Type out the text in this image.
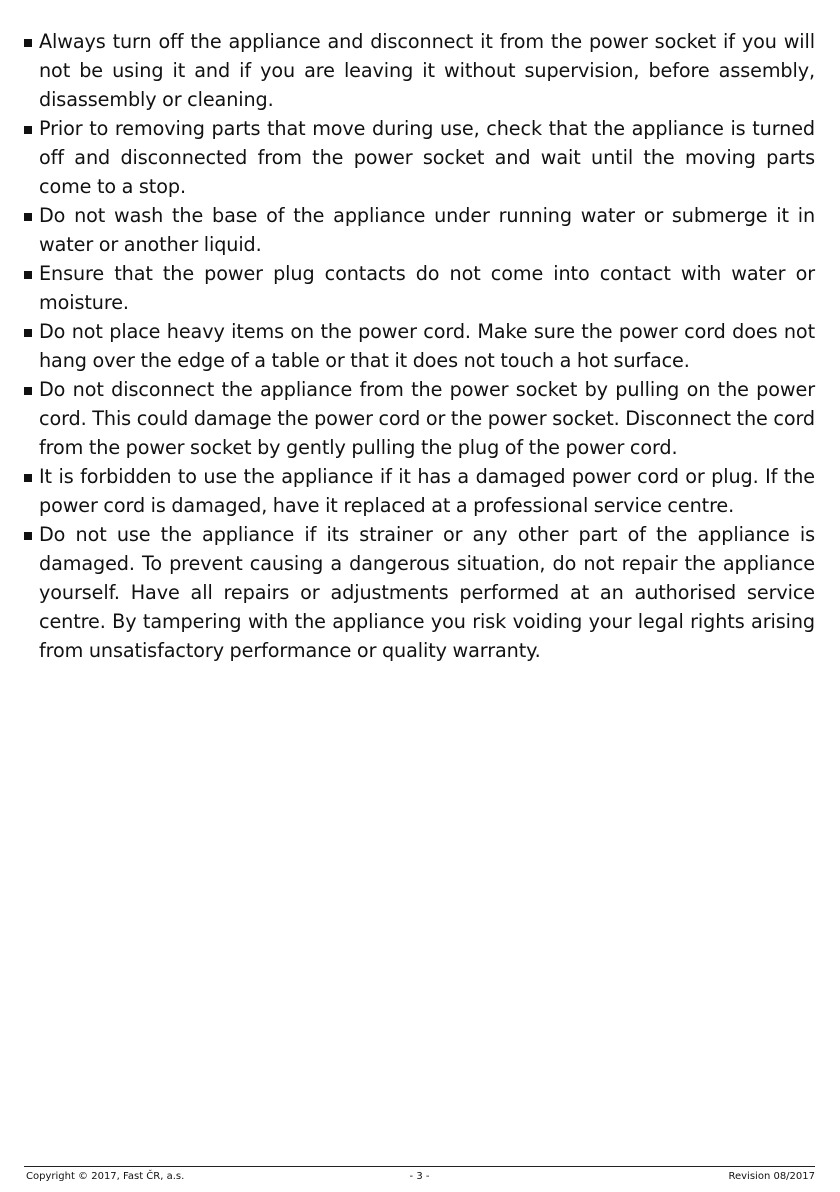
Always turn off the appliance and disconnect it from the power socket if you will not be using it and if you are leaving it without supervision, before assembly, disassembly or cleaning.
Prior to removing parts that move during use, check that the appliance is turned off and disconnected from the power socket and wait until the moving parts come to a stop.
Do not wash the base of the appliance under running water or submerge it in water or another liquid.
Ensure that the power plug contacts do not come into contact with water or moisture.
Do not place heavy items on the power cord. Make sure the power cord does not hang over the edge of a table or that it does not touch a hot surface.
Do not disconnect the appliance from the power socket by pulling on the power cord. This could damage the power cord or the power socket. Disconnect the cord from the power socket by gently pulling the plug of the power cord.
It is forbidden to use the appliance if it has a damaged power cord or plug. If the power cord is damaged, have it replaced at a professional service centre.
Do not use the appliance if its strainer or any other part of the appliance is damaged. To prevent causing a dangerous situation, do not repair the appliance yourself. Have all repairs or adjustments performed at an authorised service centre. By tampering with the appliance you risk voiding your legal rights arising from unsatisfactory performance or quality warranty.
Copyright © 2017, Fast ČR, a.s.	- 3 -	Revision 08/2017
